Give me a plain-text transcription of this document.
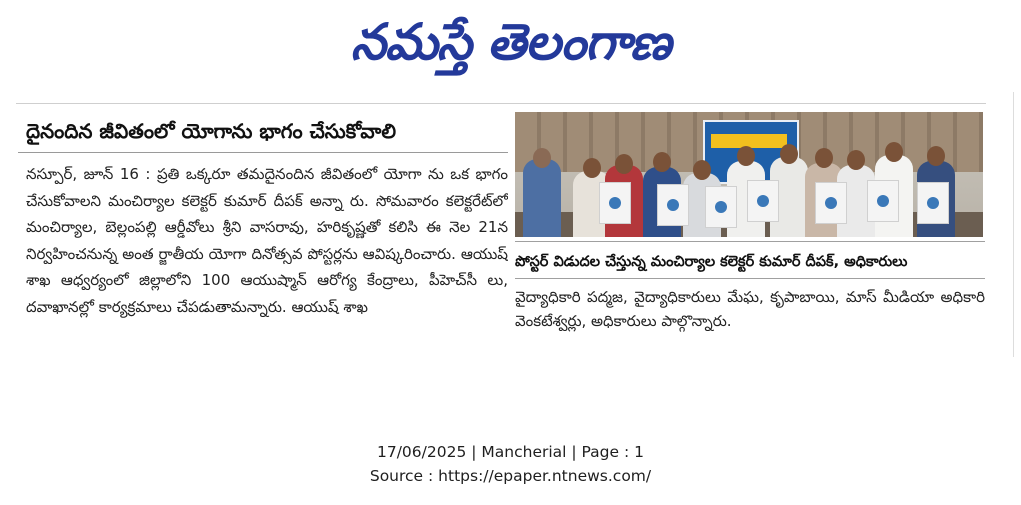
నమస్తే తెలంగాణ
దైనందిన జీవితంలో యోగాను భాగం చేసుకోవాలి
నస్పూర్, జూన్ 16 : ప్రతి ఒక్కరూ తమదైనందిన జీవితంలో యోగా ను ఒక భాగం చేసుకోవాలని మంచిర్యాల కలెక్టర్ కుమార్ దీపక్ అన్నా రు. సోమవారం కలెక్టరేట్‌లో మంచిర్యాల, బెల్లంపల్లి ఆర్డీవోలు శ్రీని వాసరావు, హరికృష్ణతో కలిసి ఈ నెల 21న నిర్వహించనున్న అంత ర్జాతీయ యోగా దినోత్సవ పోస్టర్లను ఆవిష్కరించారు. ఆయుష్ శాఖ ఆధ్వర్యంలో జిల్లాలోని 100 ఆయుష్మాన్ ఆరోగ్య కేంద్రాలు, పీహెచ్‌సీ లు, దవాఖానల్లో కార్యక్రమాలు చేపడుతామన్నారు. ఆయుష్ శాఖ
పోస్టర్ విడుదల చేస్తున్న మంచిర్యాల కలెక్టర్ కుమార్ దీపక్, అధికారులు
వైద్యాధికారి పద్మజ, వైద్యాధికారులు మేఘ, కృపాబాయి, మాస్ మీడియా అధికారి వెంకటేశ్వర్లు, అధికారులు పాల్గొన్నారు.
17/06/2025 | Mancherial | Page : 1
Source : https://epaper.ntnews.com/
